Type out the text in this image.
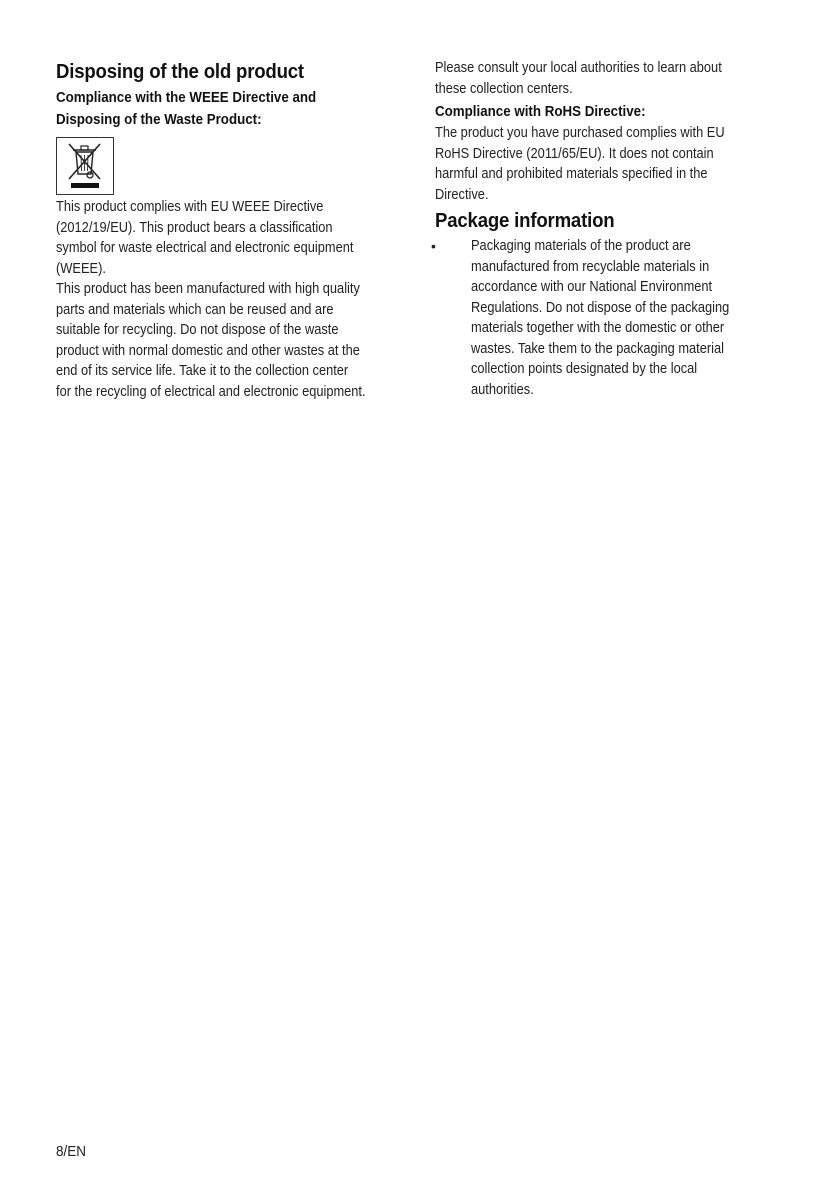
Disposing of the old product
Compliance with the WEEE Directive and
Disposing of the Waste Product:
This product complies with EU WEEE Directive
(2012/19/EU). This product bears a classification
symbol for waste electrical and electronic equipment
(WEEE).
This product has been manufactured with high quality
parts and materials which can be reused and are
suitable for recycling. Do not dispose of the waste
product with normal domestic and other wastes at the
end of its service life. Take it to the collection center
for the recycling of electrical and electronic equipment.
Please consult your local authorities to learn about
these collection centers.
Compliance with RoHS Directive:
The product you have purchased complies with EU
RoHS Directive (2011/65/EU). It does not contain
harmful and prohibited materials specified in the
Directive.
Package information
• Packaging materials of the product are
manufactured from recyclable materials in
accordance with our National Environment
Regulations. Do not dispose of the packaging
materials together with the domestic or other
wastes. Take them to the packaging material
collection points designated by the local
authorities.
8/EN
